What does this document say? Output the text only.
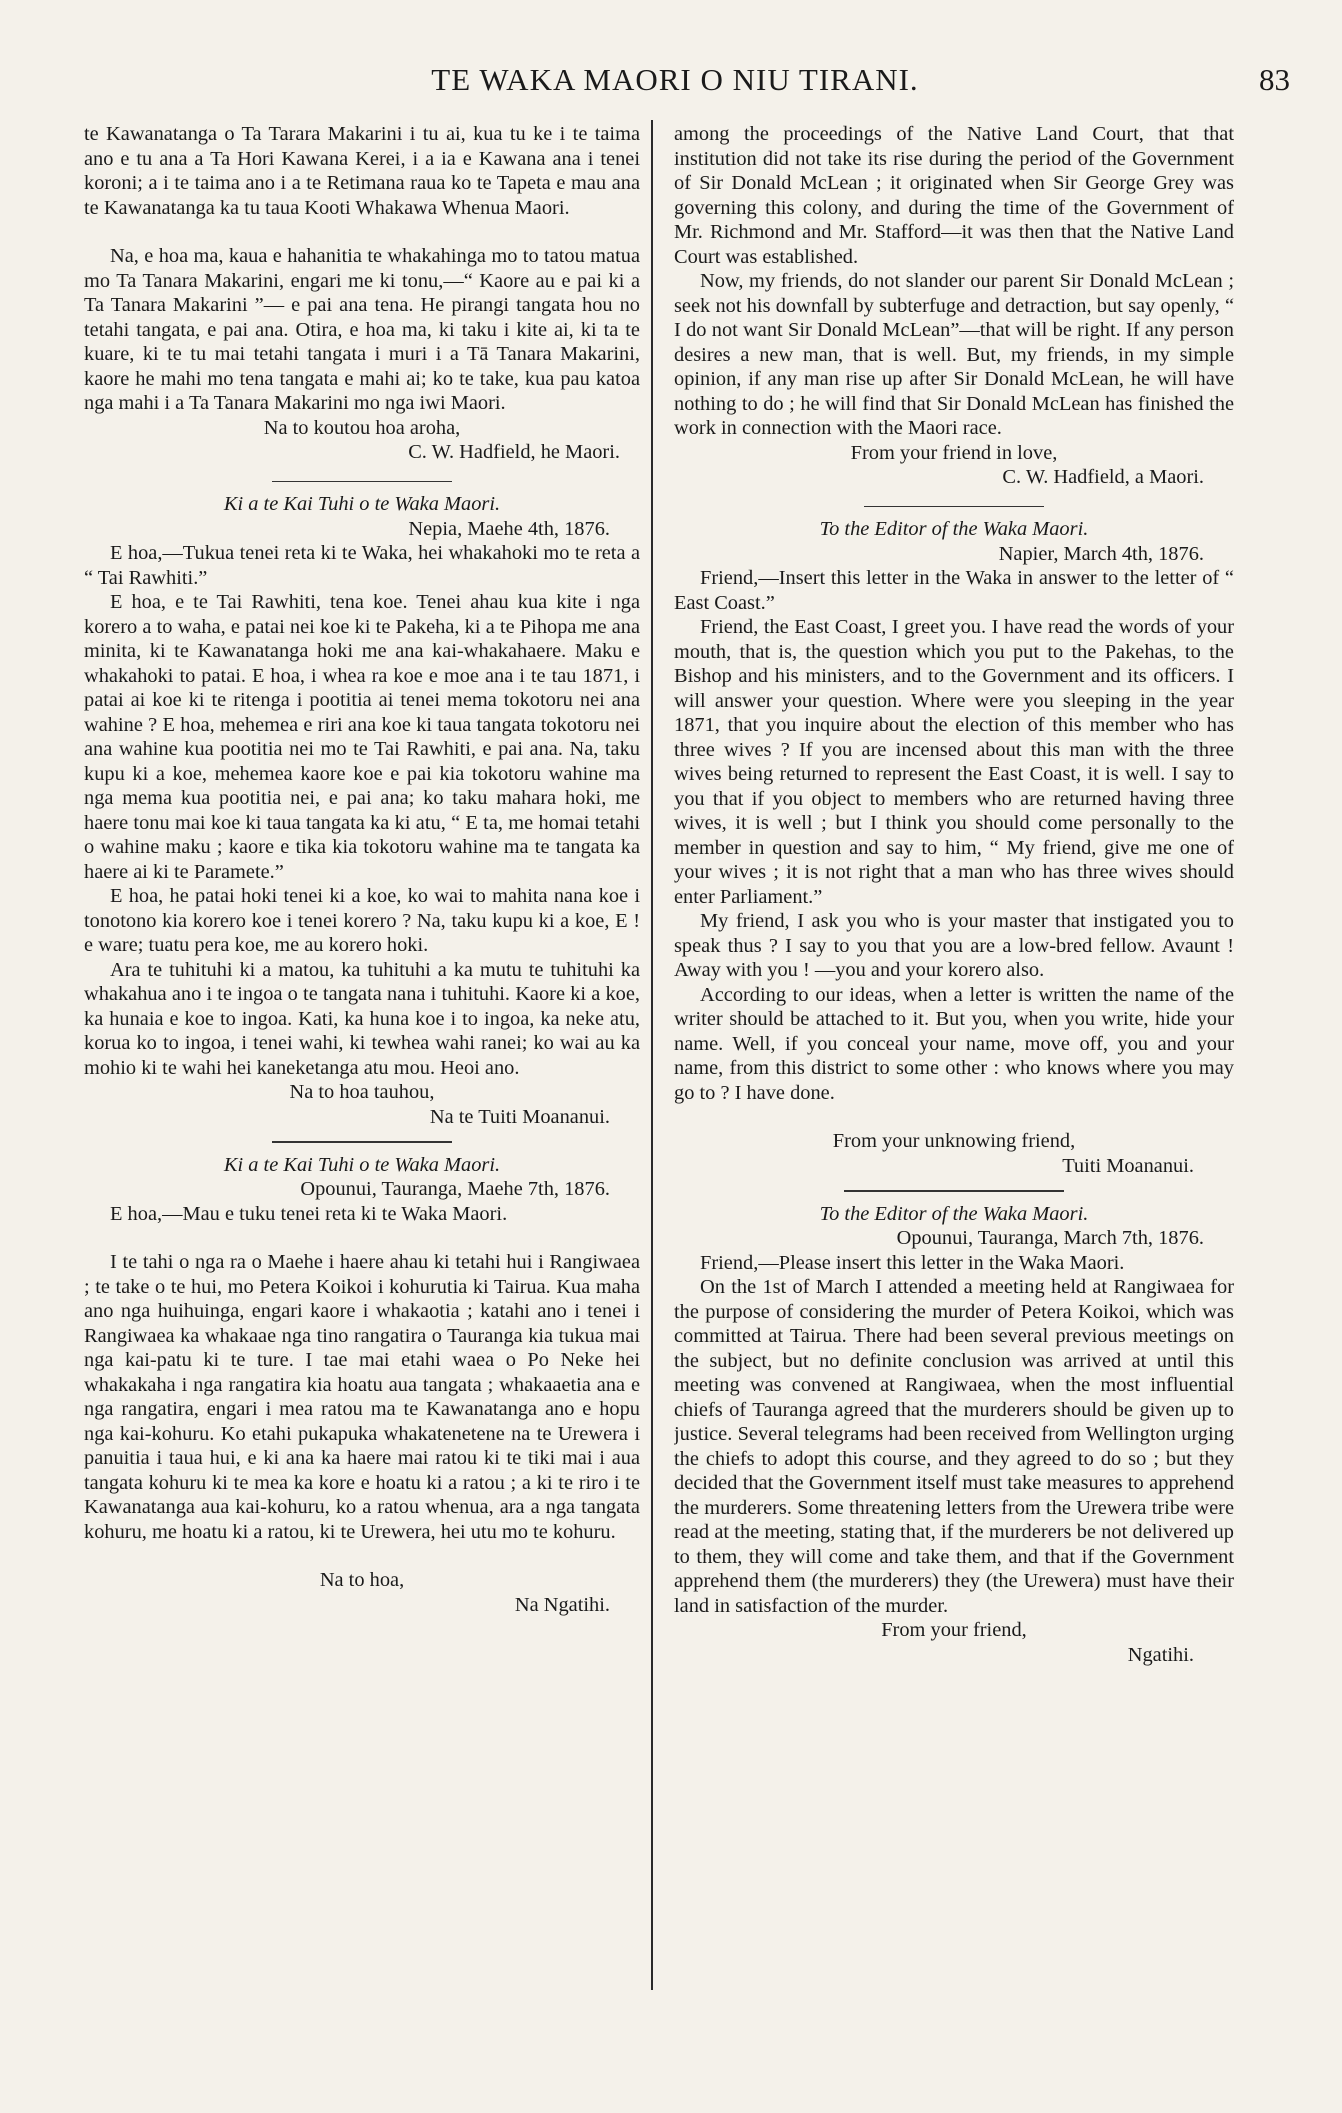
TE WAKA MAORI O NIU TIRANI.	83

te Kawanatanga o Ta Tarara Makarini i tu ai, kua tu ke i te taima ano e tu ana a Ta Hori Kawana Kerei, i a ia e Kawana ana i tenei koroni; a i te taima ano i a te Retimana raua ko te Tapeta e mau ana te Kawanatanga ka tu taua Kooti Whakawa Whenua Maori.

Na, e hoa ma, kaua e hahanitia te whakahinga mo to tatou matua mo Ta Tanara Makarini, engari me ki tonu,—“ Kaore au e pai ki a Ta Tanara Makarini ”— e pai ana tena. He pirangi tangata hou no tetahi tangata, e pai ana. Otira, e hoa ma, ki taku i kite ai, ki ta te kuare, ki te tu mai tetahi tangata i muri i a Tā Tanara Makarini, kaore he mahi mo tena tangata e mahi ai; ko te take, kua pau katoa nga mahi i a Ta Tanara Makarini mo nga iwi Maori.

Na to koutou hoa aroha,

C. W. Hadfield, he Maori.

Ki a te Kai Tuhi o te Waka Maori.

Nepia, Maehe 4th, 1876.

E hoa,—Tukua tenei reta ki te Waka, hei whakahoki mo te reta a “ Tai Rawhiti.”

E hoa, e te Tai Rawhiti, tena koe. Tenei ahau kua kite i nga korero a to waha, e patai nei koe ki te Pakeha, ki a te Pihopa me ana minita, ki te Kawanatanga hoki me ana kai-whakahaere. Maku e whakahoki to patai. E hoa, i whea ra koe e moe ana i te tau 1871, i patai ai koe ki te ritenga i pootitia ai tenei mema tokotoru nei ana wahine ? E hoa, mehemea e riri ana koe ki taua tangata tokotoru nei ana wahine kua pootitia nei mo te Tai Rawhiti, e pai ana. Na, taku kupu ki a koe, mehemea kaore koe e pai kia tokotoru wahine ma nga mema kua pootitia nei, e pai ana; ko taku mahara hoki, me haere tonu mai koe ki taua tangata ka ki atu, “ E ta, me homai tetahi o wahine maku ; kaore e tika kia tokotoru wahine ma te tangata ka haere ai ki te Paramete.”

E hoa, he patai hoki tenei ki a koe, ko wai to mahita nana koe i tonotono kia korero koe i tenei korero ? Na, taku kupu ki a koe, E ! e ware; tuatu pera koe, me au korero hoki.

Ara te tuhituhi ki a matou, ka tuhituhi a ka mutu te tuhituhi ka whakahua ano i te ingoa o te tangata nana i tuhituhi. Kaore ki a koe, ka hunaia e koe to ingoa. Kati, ka huna koe i to ingoa, ka neke atu, korua ko to ingoa, i tenei wahi, ki tewhea wahi ranei; ko wai au ka mohio ki te wahi hei kaneketanga atu mou. Heoi ano.

Na to hoa tauhou,

Na te Tuiti Moananui.

Ki a te Kai Tuhi o te Waka Maori.

Opounui, Tauranga, Maehe 7th, 1876.

E hoa,—Mau e tuku tenei reta ki te Waka Maori.

I te tahi o nga ra o Maehe i haere ahau ki tetahi hui i Rangiwaea ; te take o te hui, mo Petera Koikoi i kohurutia ki Tairua. Kua maha ano nga huihuinga, engari kaore i whakaotia ; katahi ano i tenei i Rangiwaea ka whakaae nga tino rangatira o Tauranga kia tukua mai nga kai-patu ki te ture. I tae mai etahi waea o Po Neke hei whakakaha i nga rangatira kia hoatu aua tangata ; whakaaetia ana e nga rangatira, engari i mea ratou ma te Kawanatanga ano e hopu nga kai-kohuru. Ko etahi pukapuka whakatenetene na te Urewera i panuitia i taua hui, e ki ana ka haere mai ratou ki te tiki mai i aua tangata kohuru ki te mea ka kore e hoatu ki a ratou ; a ki te riro i te Kawanatanga aua kai-kohuru, ko a ratou whenua, ara a nga tangata kohuru, me hoatu ki a ratou, ki te Urewera, hei utu mo te kohuru.

Na to hoa,

Na Ngatihi.

among the proceedings of the Native Land Court, that that institution did not take its rise during the period of the Government of Sir Donald McLean ; it originated when Sir George Grey was governing this colony, and during the time of the Government of Mr. Richmond and Mr. Stafford—it was then that the Native Land Court was established.

Now, my friends, do not slander our parent Sir Donald McLean ; seek not his downfall by subterfuge and detraction, but say openly, “ I do not want Sir Donald McLean”—that will be right. If any person desires a new man, that is well. But, my friends, in my simple opinion, if any man rise up after Sir Donald McLean, he will have nothing to do ; he will find that Sir Donald McLean has finished the work in connection with the Maori race.

From your friend in love,

C. W. Hadfield, a Maori.

To the Editor of the Waka Maori.

Napier, March 4th, 1876.

Friend,—Insert this letter in the Waka in answer to the letter of “ East Coast.”

Friend, the East Coast, I greet you. I have read the words of your mouth, that is, the question which you put to the Pakehas, to the Bishop and his ministers, and to the Government and its officers. I will answer your question. Where were you sleeping in the year 1871, that you inquire about the election of this member who has three wives ? If you are incensed about this man with the three wives being returned to represent the East Coast, it is well. I say to you that if you object to members who are returned having three wives, it is well ; but I think you should come personally to the member in question and say to him, “ My friend, give me one of your wives ; it is not right that a man who has three wives should enter Parliament.”

My friend, I ask you who is your master that instigated you to speak thus ? I say to you that you are a low-bred fellow. Avaunt ! Away with you ! —you and your korero also.

According to our ideas, when a letter is written the name of the writer should be attached to it. But you, when you write, hide your name. Well, if you conceal your name, move off, you and your name, from this district to some other : who knows where you may go to ? I have done.

From your unknowing friend,

Tuiti Moananui.

To the Editor of the Waka Maori.

Opounui, Tauranga, March 7th, 1876.

Friend,—Please insert this letter in the Waka Maori.

On the 1st of March I attended a meeting held at Rangiwaea for the purpose of considering the murder of Petera Koikoi, which was committed at Tairua. There had been several previous meetings on the subject, but no definite conclusion was arrived at until this meeting was convened at Rangiwaea, when the most influential chiefs of Tauranga agreed that the murderers should be given up to justice. Several telegrams had been received from Wellington urging the chiefs to adopt this course, and they agreed to do so ; but they decided that the Government itself must take measures to apprehend the murderers. Some threatening letters from the Urewera tribe were read at the meeting, stating that, if the murderers be not delivered up to them, they will come and take them, and that if the Government apprehend them (the murderers) they (the Urewera) must have their land in satisfaction of the murder.

From your friend,

Ngatihi.
